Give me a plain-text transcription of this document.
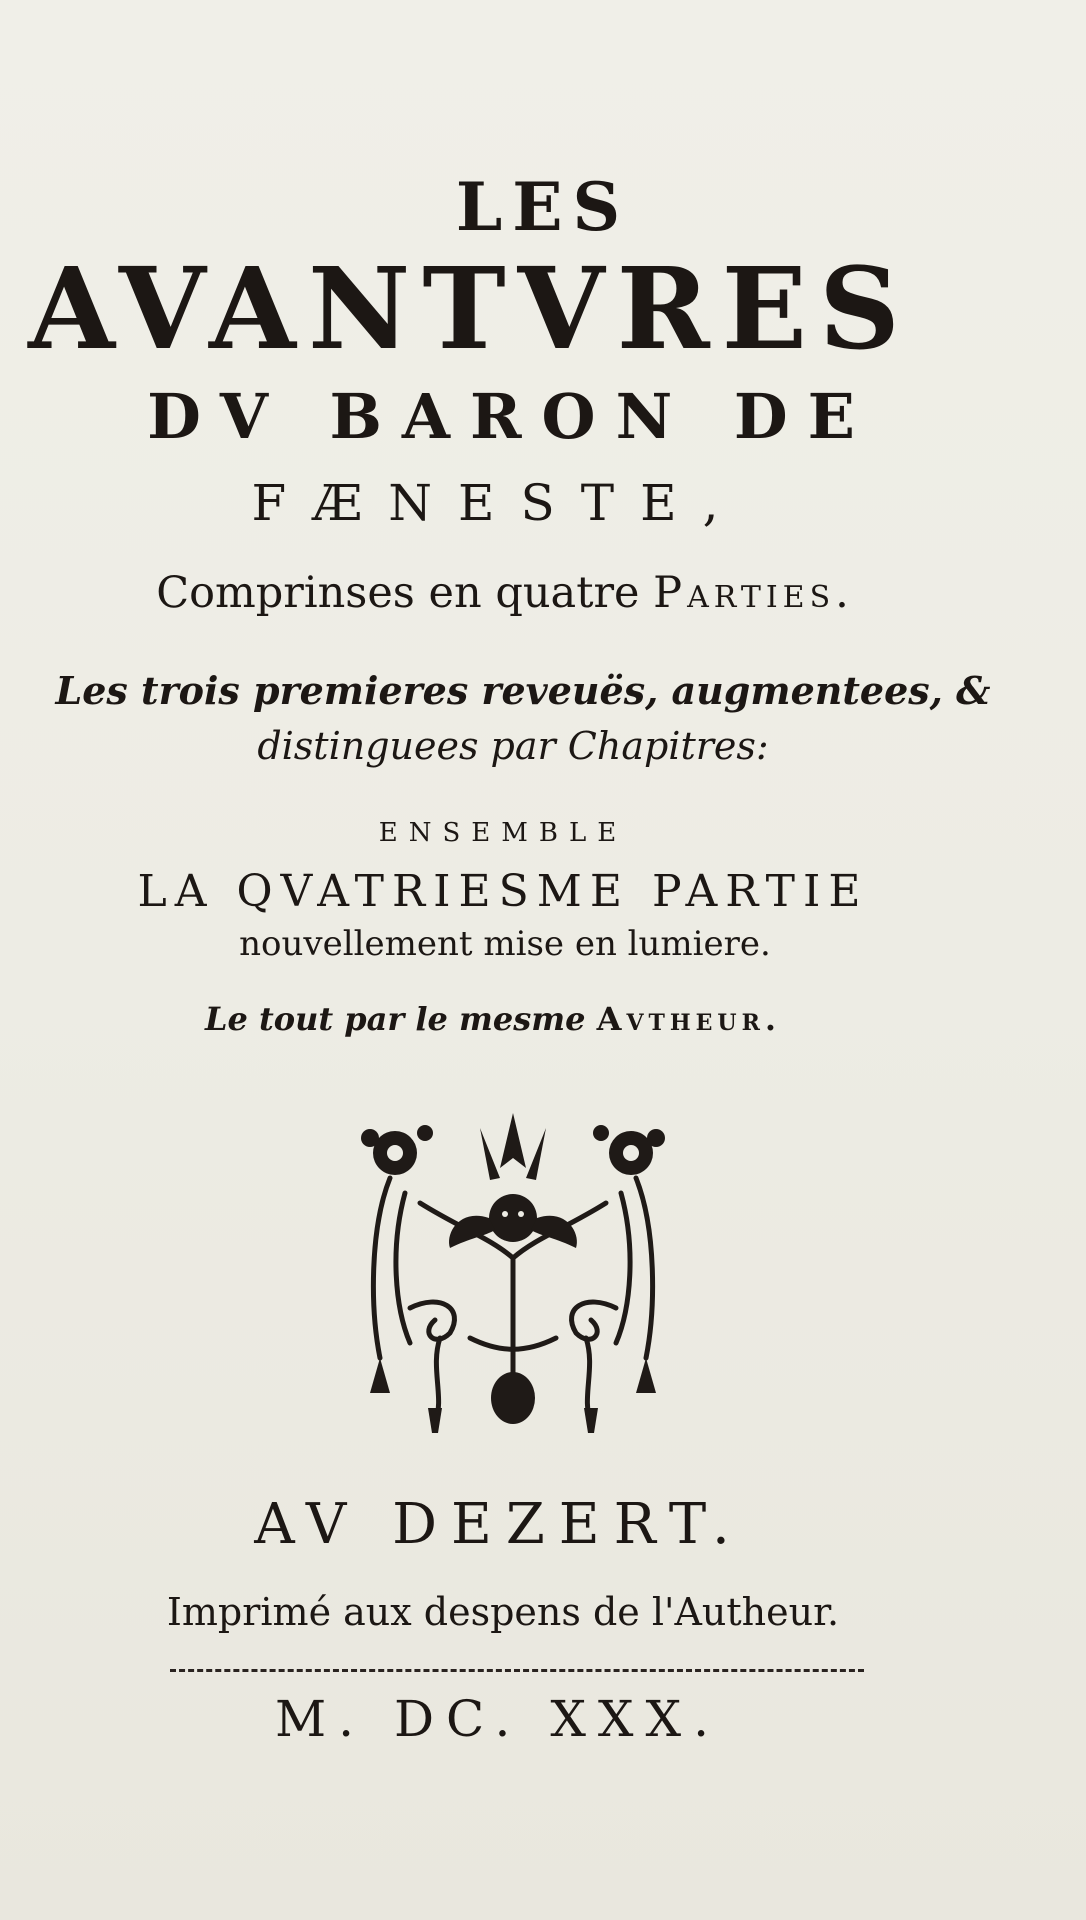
LES
AVANTVRES
DV BARON DE
FÆNESTE,
Comprinses en quatre Parties.
Les trois premieres reveuës, augmentees, &
distinguees par Chapitres:
ENSEMBLE
LA QVATRIESME PARTIE
nouvellement mise en lumiere.
Le tout par le mesme Avtheur.
AV DEZERT.
Imprimé aux despens de l'Autheur.
M. DC. XXX.
